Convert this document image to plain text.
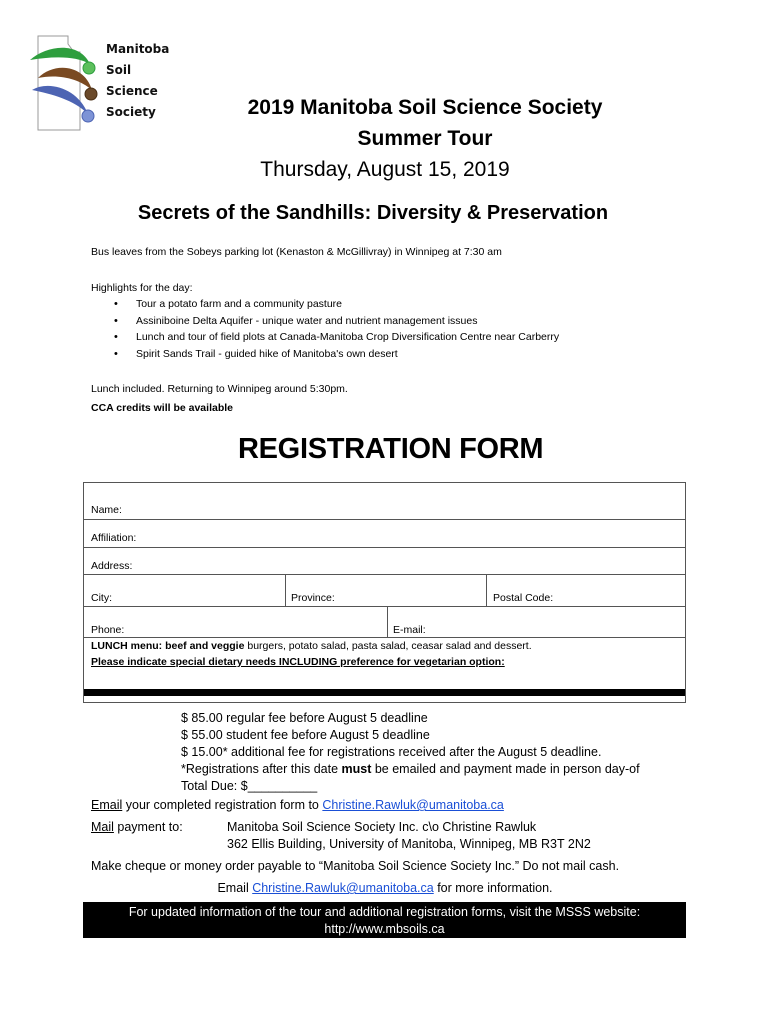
Manitoba
Soil
Science
Society	2019 Manitoba Soil Science Society
Summer Tour
Thursday, August 15, 2019
Secrets of the Sandhills: Diversity & Preservation
Bus leaves from the Sobeys parking lot (Kenaston & McGillivray) in Winnipeg at 7:30 am
Highlights for the day:
• Tour a potato farm and a community pasture
• Assiniboine Delta Aquifer - unique water and nutrient management issues
• Lunch and tour of field plots at Canada-Manitoba Crop Diversification Centre near Carberry
• Spirit Sands Trail - guided hike of Manitoba's own desert
Lunch included. Returning to Winnipeg around 5:30pm.
CCA credits will be available
REGISTRATION FORM
Name:
Affiliation:
Address:
City:	Province:	Postal Code:
Phone:	E-mail:
LUNCH menu: beef and veggie burgers, potato salad, pasta salad, ceasar salad and dessert.
Please indicate special dietary needs INCLUDING preference for vegetarian option:
$ 85.00 regular fee before August 5 deadline
$ 55.00 student fee before August 5 deadline
$ 15.00* additional fee for registrations received after the August 5 deadline.
*Registrations after this date must be emailed and payment made in person day-of
Total Due: $__________
Email your completed registration form to Christine.Rawluk@umanitoba.ca
Mail payment to:	Manitoba Soil Science Society Inc. c\o Christine Rawluk
362 Ellis Building, University of Manitoba, Winnipeg, MB R3T 2N2
Make cheque or money order payable to “Manitoba Soil Science Society Inc.” Do not mail cash.
Email Christine.Rawluk@umanitoba.ca for more information.
For updated information of the tour and additional registration forms, visit the MSSS website:
http://www.mbsoils.ca
